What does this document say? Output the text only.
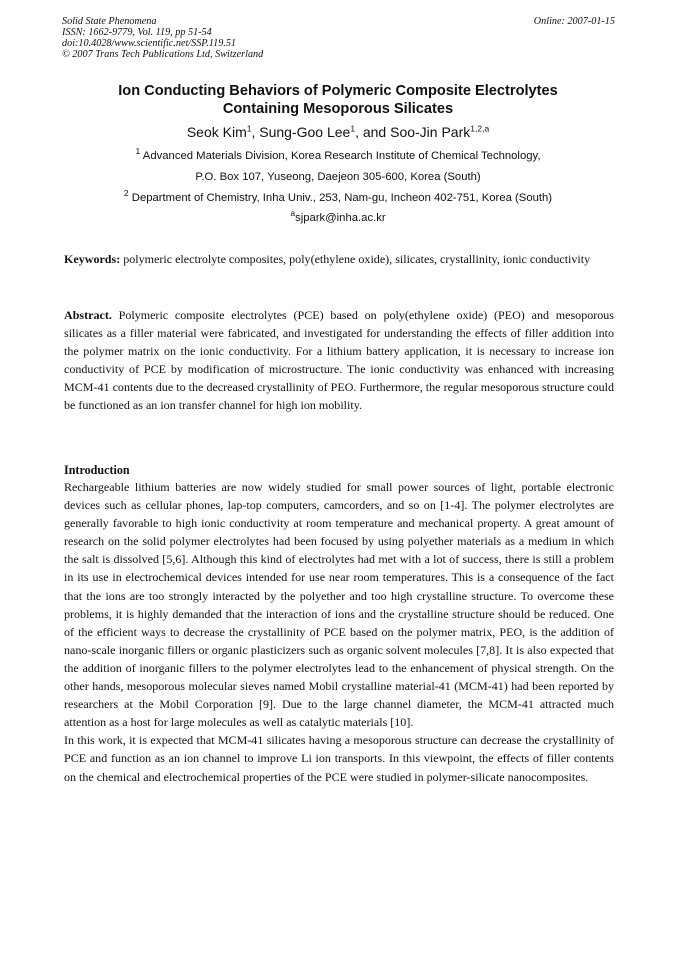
Solid State Phenomena
ISSN: 1662-9779, Vol. 119, pp 51-54
doi:10.4028/www.scientific.net/SSP.119.51
© 2007 Trans Tech Publications Ltd, Switzerland
Online: 2007-01-15
Ion Conducting Behaviors of Polymeric Composite Electrolytes
Containing Mesoporous Silicates
Seok Kim$^1$, Sung-Goo Lee$^1$, and Soo-Jin Park$^{1,2,a}$
$^1$ Advanced Materials Division, Korea Research Institute of Chemical Technology,
P.O. Box 107, Yuseong, Daejeon 305-600, Korea (South)
$^2$ Department of Chemistry, Inha Univ., 253, Nam-gu, Incheon 402-751, Korea (South)
$^a$sjpark@inha.ac.kr
Keywords: polymeric electrolyte composites, poly(ethylene oxide), silicates, crystallinity, ionic conductivity
Abstract. Polymeric composite electrolytes (PCE) based on poly(ethylene oxide) (PEO) and mesoporous silicates as a filler material were fabricated, and investigated for understanding the effects of filler addition into the polymer matrix on the ionic conductivity. For a lithium battery application, it is necessary to increase ion conductivity of PCE by modification of microstructure. The ionic conductivity was enhanced with increasing MCM-41 contents due to the decreased crystallinity of PEO. Furthermore, the regular mesoporous structure could be functioned as an ion transfer channel for high ion mobility.
Introduction

Rechargeable lithium batteries are now widely studied for small power sources of light, portable electronic devices such as cellular phones, lap-top computers, camcorders, and so on [1-4]. The polymer electrolytes are generally favorable to high ionic conductivity at room temperature and mechanical property. A great amount of research on the solid polymer electrolytes had been focused by using polyether materials as a medium in which the salt is dissolved [5,6]. Although this kind of electrolytes had met with a lot of success, there is still a problem in its use in electrochemical devices intended for use near room temperatures. This is a consequence of the fact that the ions are too strongly interacted by the polyether and too high crystalline structure. To overcome these problems, it is highly demanded that the interaction of ions and the crystalline structure should be reduced. One of the efficient ways to decrease the crystallinity of PCE based on the polymer matrix, PEO, is the addition of nano-scale inorganic fillers or organic plasticizers such as organic solvent molecules [7,8]. It is also expected that the addition of inorganic fillers to the polymer electrolytes lead to the enhancement of physical strength. On the other hands, mesoporous molecular sieves named Mobil crystalline material-41 (MCM-41) had been reported by researchers at the Mobil Corporation [9]. Due to the large channel diameter, the MCM-41 attracted much attention as a host for large molecules as well as catalytic materials [10].

In this work, it is expected that MCM-41 silicates having a mesoporous structure can decrease the crystallinity of PCE and function as an ion channel to improve Li ion transports. In this viewpoint, the effects of filler contents on the chemical and electrochemical properties of the PCE were studied in polymer-silicate nanocomposites.
